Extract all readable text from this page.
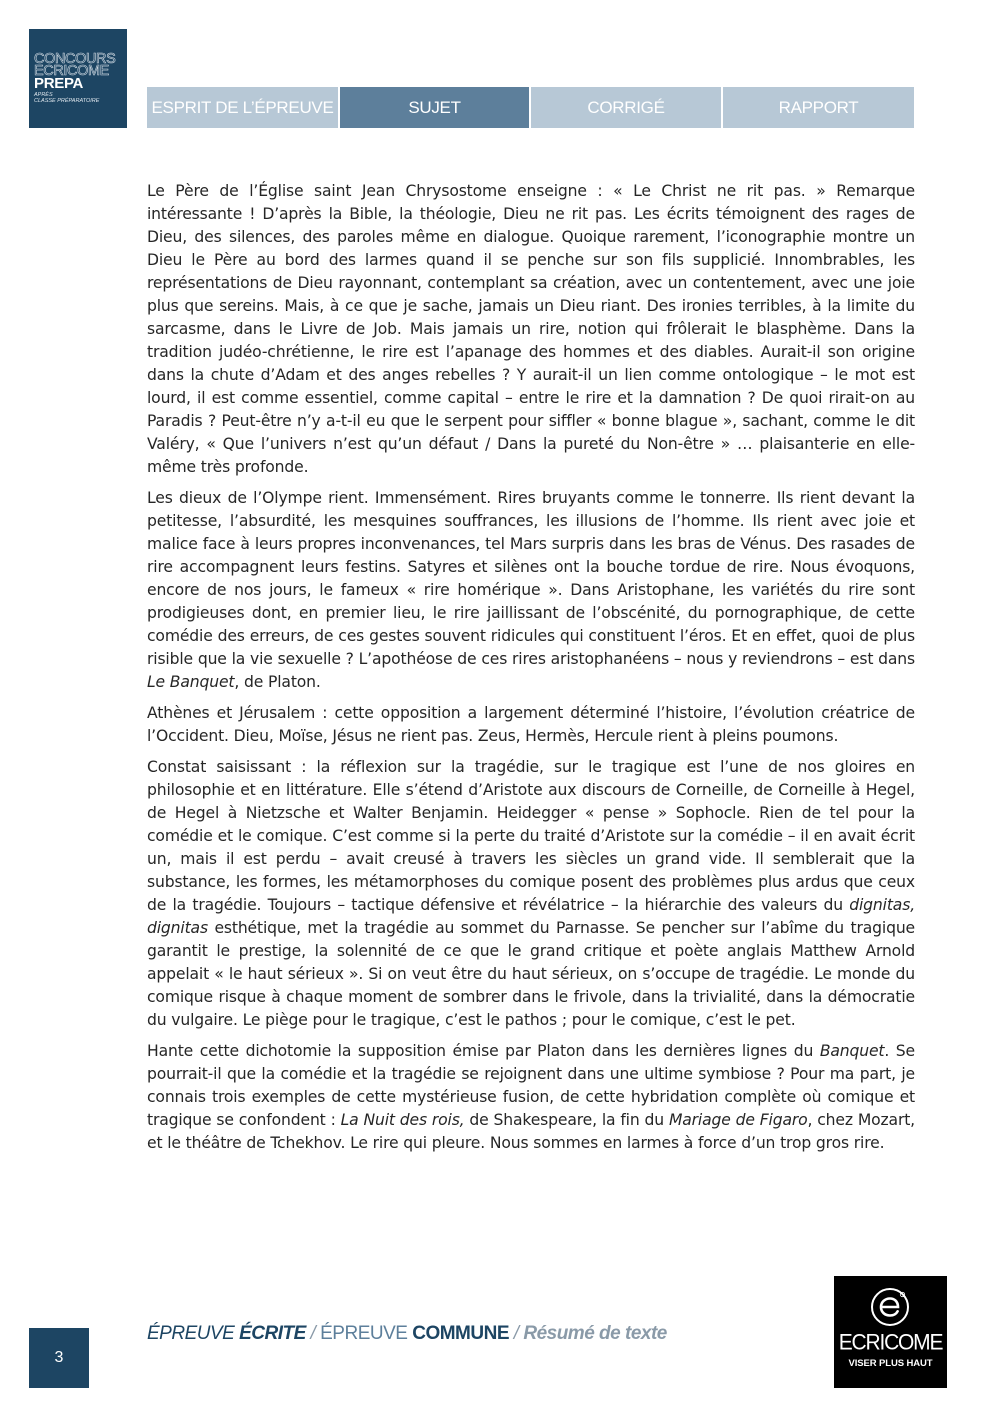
CONCOURS
ECRICOME
PREPA
APRÈS
CLASSE PRÉPARATOIRE	ESPRIT DE L’ÉPREUVE	SUJET	CORRIGÉ	RAPPORT

Le Père de l’Église saint Jean Chrysostome enseigne : « Le Christ ne rit pas. » Remarque intéressante ! D’après la Bible, la théologie, Dieu ne rit pas. Les écrits témoignent des rages de Dieu, des silences, des paroles même en dialogue. Quoique rarement, l’iconographie montre un Dieu le Père au bord des larmes quand il se penche sur son fils supplicié. Innombrables, les représentations de Dieu rayonnant, contemplant sa création, avec un contentement, avec une joie plus que sereins. Mais, à ce que je sache, jamais un Dieu riant. Des ironies terribles, à la limite du sarcasme, dans le Livre de Job. Mais jamais un rire, notion qui frôlerait le blasphème. Dans la tradition judéo-chrétienne, le rire est l’apanage des hommes et des diables. Aurait-il son origine dans la chute d’Adam et des anges rebelles ? Y aurait-il un lien comme ontologique – le mot est lourd, il est comme essentiel, comme capital – entre le rire et la damnation ? De quoi rirait-on au Paradis ? Peut-être n’y a-t-il eu que le serpent pour siffler « bonne blague », sachant, comme le dit Valéry, « Que l’univers n’est qu’un défaut / Dans la pureté du Non-être » … plaisanterie en elle-même très profonde.

Les dieux de l’Olympe rient. Immensément. Rires bruyants comme le tonnerre. Ils rient devant la petitesse, l’absurdité, les mesquines souffrances, les illusions de l’homme. Ils rient avec joie et malice face à leurs propres inconvenances, tel Mars surpris dans les bras de Vénus. Des rasades de rire accompagnent leurs festins. Satyres et silènes ont la bouche tordue de rire. Nous évoquons, encore de nos jours, le fameux « rire homérique ». Dans Aristophane, les variétés du rire sont prodigieuses dont, en premier lieu, le rire jaillissant de l’obscénité, du pornographique, de cette comédie des erreurs, de ces gestes souvent ridicules qui constituent l’éros. Et en effet, quoi de plus risible que la vie sexuelle ? L’apothéose de ces rires aristophanéens – nous y reviendrons – est dans Le Banquet, de Platon.

Athènes et Jérusalem : cette opposition a largement déterminé l’histoire, l’évolution créatrice de l’Occident. Dieu, Moïse, Jésus ne rient pas. Zeus, Hermès, Hercule rient à pleins poumons.

Constat saisissant : la réflexion sur la tragédie, sur le tragique est l’une de nos gloires en philosophie et en littérature. Elle s’étend d’Aristote aux discours de Corneille, de Corneille à Hegel, de Hegel à Nietzsche et Walter Benjamin. Heidegger « pense » Sophocle. Rien de tel pour la comédie et le comique. C’est comme si la perte du traité d’Aristote sur la comédie – il en avait écrit un, mais il est perdu – avait creusé à travers les siècles un grand vide. Il semblerait que la substance, les formes, les métamorphoses du comique posent des problèmes plus ardus que ceux de la tragédie. Toujours – tactique défensive et révélatrice – la hiérarchie des valeurs du dignitas, dignitas esthétique, met la tragédie au sommet du Parnasse. Se pencher sur l’abîme du tragique garantit le prestige, la solennité de ce que le grand critique et poète anglais Matthew Arnold appelait « le haut sérieux ». Si on veut être du haut sérieux, on s’occupe de tragédie. Le monde du comique risque à chaque moment de sombrer dans le frivole, dans la trivialité, dans la démocratie du vulgaire. Le piège pour le tragique, c’est le pathos ; pour le comique, c’est le pet.

Hante cette dichotomie la supposition émise par Platon dans les dernières lignes du Banquet. Se pourrait-il que la comédie et la tragédie se rejoignent dans une ultime symbiose ? Pour ma part, je connais trois exemples de cette mystérieuse fusion, de cette hybridation complète où comique et tragique se confondent : La Nuit des rois, de Shakespeare, la fin du Mariage de Figaro, chez Mozart, et le théâtre de Tchekhov. Le rire qui pleure. Nous sommes en larmes à force d’un trop gros rire.

3
ÉPREUVE ÉCRITE / ÉPREUVE COMMUNE / Résumé de texte	ECRICOME
VISER PLUS HAUT
